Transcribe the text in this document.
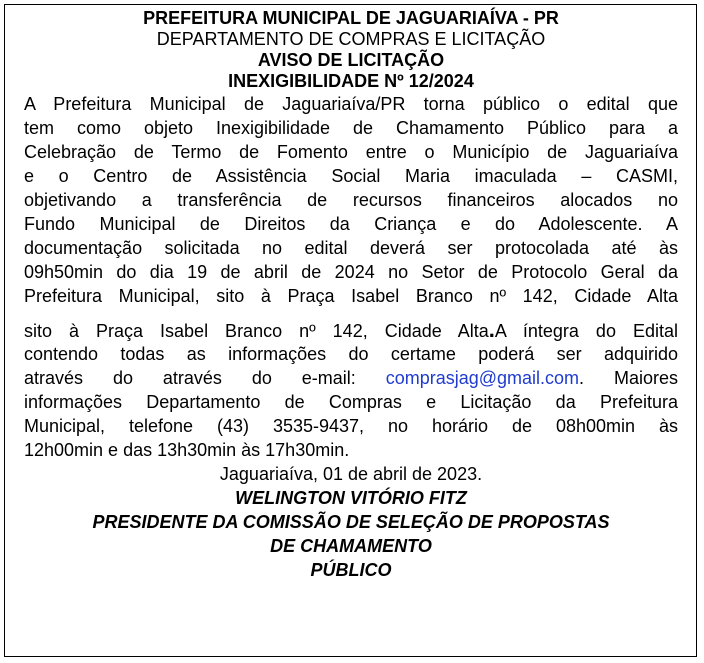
PREFEITURA MUNICIPAL DE JAGUARIAÍVA - PR
DEPARTAMENTO DE COMPRAS E LICITAÇÃO
AVISO DE LICITAÇÃO
INEXIGIBILIDADE Nº 12/2024
A Prefeitura Municipal de Jaguariaíva/PR torna público o edital que
tem como objeto Inexigibilidade de Chamamento Público para a
Celebração de Termo de Fomento entre o Município de Jaguariaíva
e o Centro de Assistência Social Maria imaculada – CASMI,
objetivando a transferência de recursos financeiros alocados no
Fundo Municipal de Direitos da Criança e do Adolescente. A
documentação solicitada no edital deverá ser protocolada até às
09h50min do dia 19 de abril de 2024 no Setor de Protocolo Geral da
Prefeitura Municipal, sito à Praça Isabel Branco nº 142, Cidade Alta
sito à Praça Isabel Branco nº 142, Cidade Alta.A íntegra do Edital
contendo todas as informações do certame poderá ser adquirido
através do através do e-mail: comprasjag@gmail.com. Maiores
informações Departamento de Compras e Licitação da Prefeitura
Municipal, telefone (43) 3535-9437, no horário de 08h00min às
12h00min e das 13h30min às 17h30min.
Jaguariaíva, 01 de abril de 2023.
WELINGTON VITÓRIO FITZ
PRESIDENTE DA COMISSÃO DE SELEÇÃO DE PROPOSTAS
DE CHAMAMENTO
PÚBLICO
